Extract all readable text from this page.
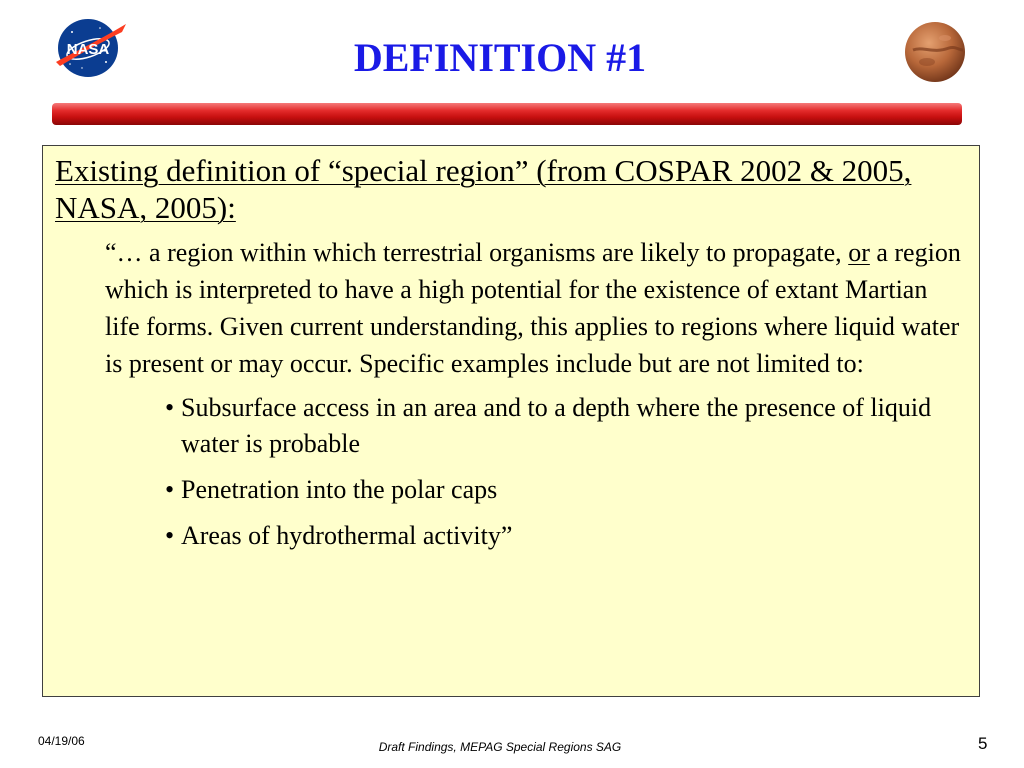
NASA	DEFINITION #1

Existing definition of “special region” (from COSPAR 2002 & 2005, NASA, 2005):

“… a region within which terrestrial organisms are likely to propagate, or a region which is interpreted to have a high potential for the existence of extant Martian life forms. Given current understanding, this applies to regions where liquid water is present or may occur. Specific examples include but are not limited to:

• Subsurface access in an area and to a depth where the presence of liquid water is probable
• Penetration into the polar caps
• Areas of hydrothermal activity”
04/19/06	Draft Findings, MEPAG Special Regions SAG	5
